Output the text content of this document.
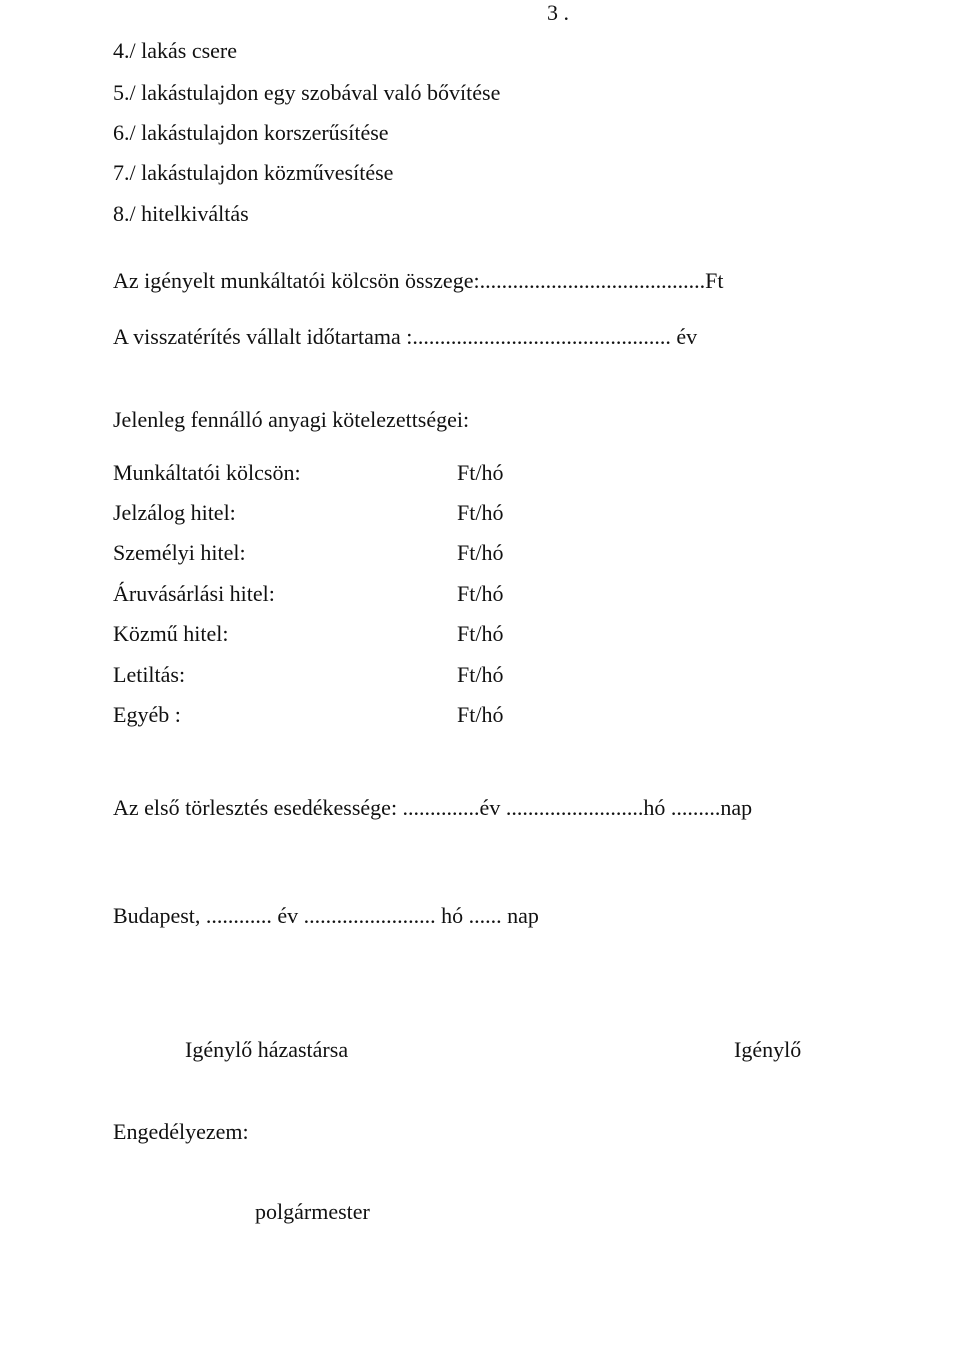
3 .
4./ lakás csere
5./ lakástulajdon egy szobával való bővítése
6./ lakástulajdon korszerűsítése
7./ lakástulajdon közművesítése
8./ hitelkiváltás
Az igényelt munkáltatói kölcsön összege:.........................................Ft
A visszatérítés vállalt időtartama :............................................... év
Jelenleg fennálló anyagi kötelezettségei:
Munkáltatói kölcsön:	Ft/hó
Jelzálog hitel:	Ft/hó
Személyi hitel:	Ft/hó
Áruvásárlási hitel:	Ft/hó
Közmű hitel:	Ft/hó
Letiltás:	Ft/hó
Egyéb :	Ft/hó
Az első törlesztés esedékessége: ..............év .........................hó .........nap
Budapest, ............ év ........................ hó ...... nap
Igénylő házastársa	Igénylő
Engedélyezem:
polgármester
